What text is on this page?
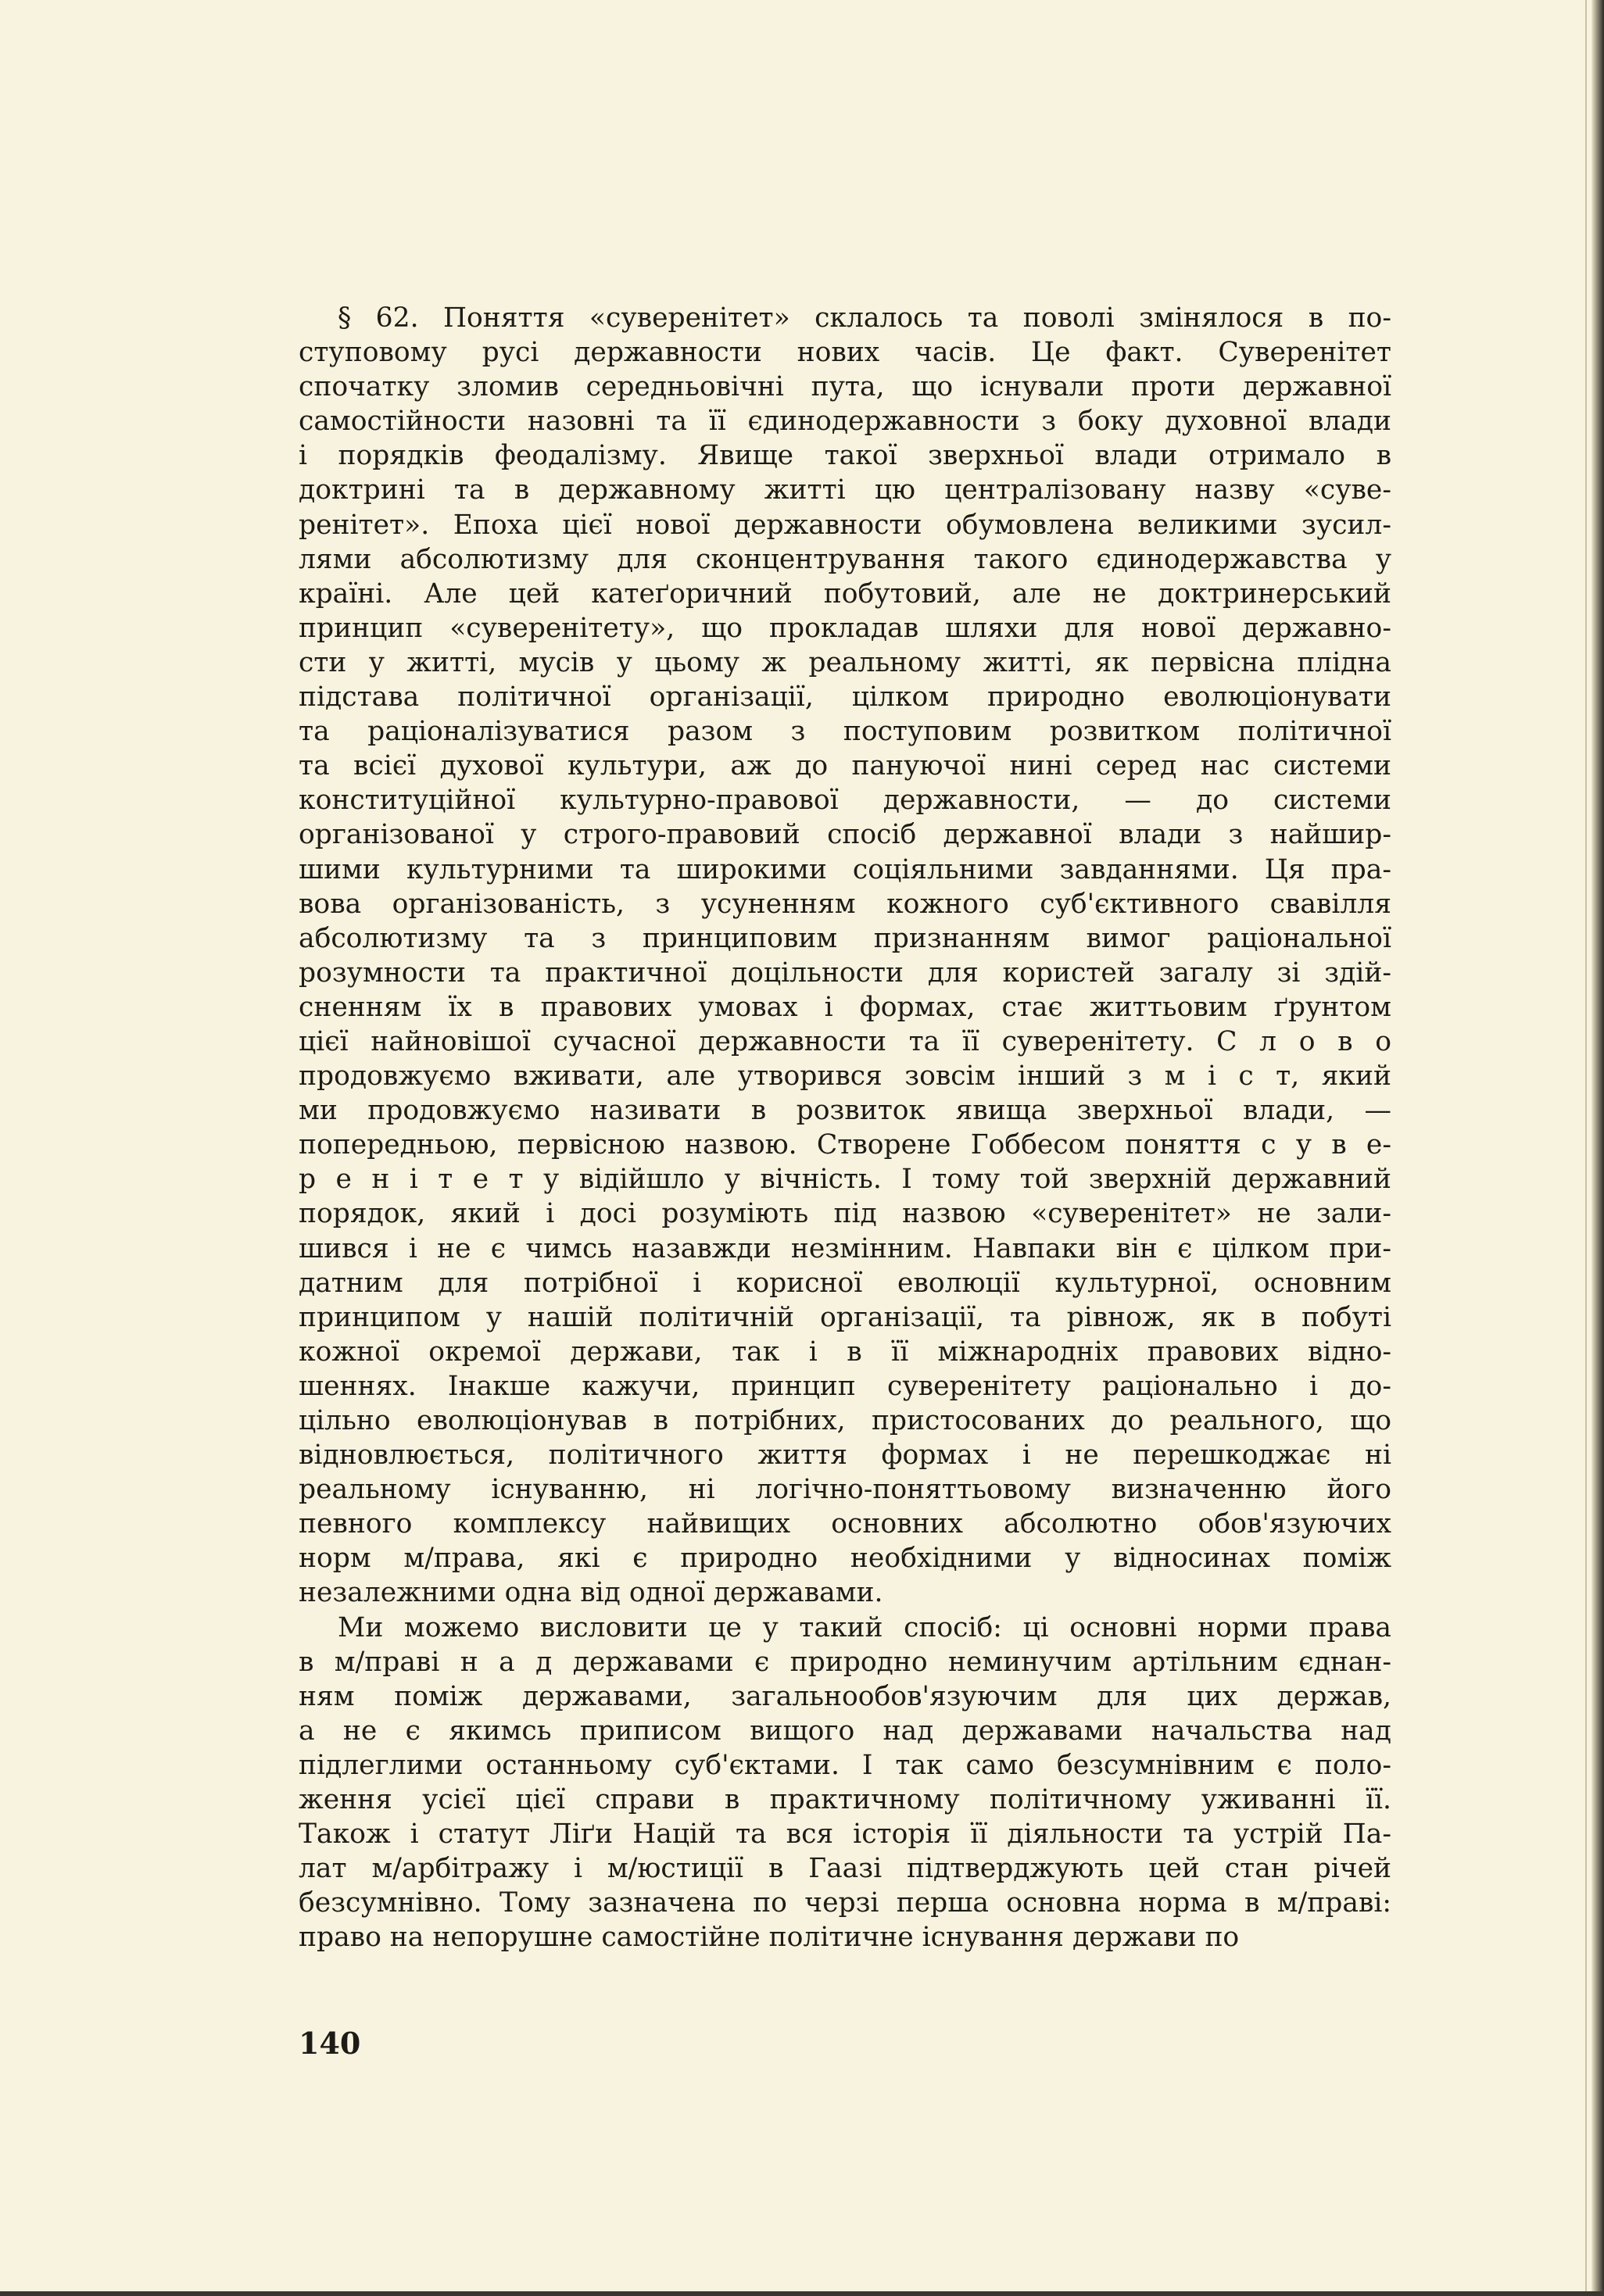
§ 62. Поняття «суверенітет» склалось та поволі змінялося в по-
ступовому русі державности нових часів. Це факт. Суверенітет
спочатку зломив середньовічні пута, що існували проти державної
самостійности назовні та її єдинодержавности з боку духовної влади
і порядків феодалізму. Явище такої зверхньої влади отримало в
доктрині та в державному житті цю централізовану назву «суве-
ренітет». Епоха цієї нової державности обумовлена великими зусил-
лями абсолютизму для сконцентрування такого єдинодержавства у
країні. Але цей катеґоричний побутовий, але не доктринерський
принцип «суверенітету», що прокладав шляхи для нової державно-
сти у житті, мусів у цьому ж реальному житті, як первісна плідна
підстава політичної організації, цілком природно еволюціонувати
та раціоналізуватися разом з поступовим розвитком політичної
та всієї духової культури, аж до пануючої нині серед нас системи
конституційної культурно-правової державности, — до системи
організованої у строго-правовий спосіб державної влади з найшир-
шими культурними та широкими соціяльними завданнями. Ця пра-
вова організованість, з усуненням кожного суб'єктивного свавілля
абсолютизму та з принциповим признанням вимог раціональної
розумности та практичної доцільности для користей загалу зі здій-
сненням їх в правових умовах і формах, стає життьовим ґрунтом
цієї найновішої сучасної державности та її суверенітету. С л о в о
продовжуємо вживати, але утворився зовсім інший з м і с т, який
ми продовжуємо називати в розвиток явища зверхньої влади, —
попередньою, первісною назвою. Створене Гоббесом поняття с у в е-
р е н і т е т у відійшло у вічність. І тому той зверхній державний
порядок, який і досі розуміють під назвою «суверенітет» не зали-
шився і не є чимсь назавжди незмінним. Навпаки він є цілком при-
датним для потрібної і корисної еволюції культурної, основним
принципом у нашій політичній організації, та рівнож, як в побуті
кожної окремої держави, так і в її міжнародніх правових відно-
шеннях. Інакше кажучи, принцип суверенітету раціонально і до-
цільно еволюціонував в потрібних, пристосованих до реального, що
відновлюється, політичного життя формах і не перешкоджає ні
реальному існуванню, ні логічно-поняттьовому визначенню його
певного комплексу найвищих основних абсолютно обов'язуючих
норм м/права, які є природно необхідними у відносинах поміж
незалежними одна від одної державами.

Ми можемо висловити це у такий спосіб: ці основні норми права
в м/праві н а д державами є природно неминучим артільним єднан-
ням поміж державами, загальнообов'язуючим для цих держав,
а не є якимсь приписом вищого над державами начальства над
підлеглими останньому суб'єктами. І так само безсумнівним є поло-
ження усієї цієї справи в практичному політичному уживанні її.
Також і статут Ліґи Націй та вся історія її діяльности та устрій Па-
лат м/арбітражу і м/юстиції в Гаазі підтверджують цей стан річей
безсумнівно. Тому зазначена по черзі перша основна норма в м/праві:
право на непорушне самостійне політичне існування держави по

140
